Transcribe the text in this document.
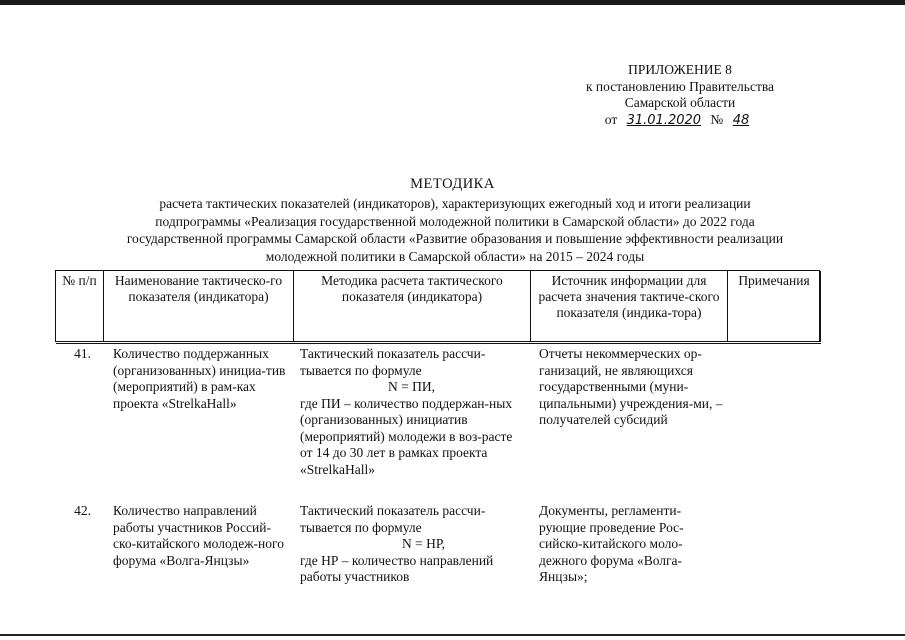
ПРИЛОЖЕНИЕ 8
к постановлению Правительства
Самарской области
от 31.01.2020 № 48
МЕТОДИКА
расчета тактических показателей (индикаторов), характеризующих ежегодный ход и итоги реализации
подпрограммы «Реализация государственной молодежной политики в Самарской области» до 2022 года
государственной программы Самарской области «Развитие образования и повышение эффективности реализации
молодежной политики в Самарской области» на 2015 – 2024 годы
№ п/п	Наименование тактическо-го показателя (индикатора)
Методика расчета тактического показателя (индикатора)
Источник информации для расчета значения тактиче-ского показателя (индика-тора)
Примечания
41. Количество поддержанных (организованных) инициа-тив (мероприятий) в рам-ках проекта «StrelkaHall»
Тактический показатель рассчи-тывается по формуле
N = ПИ,
где ПИ – количество поддержан-ных (организованных) инициатив (мероприятий) молодежи в воз-расте от 14 до 30 лет в рамках проекта «StrelkaHall»
Отчеты некоммерческих ор-ганизаций, не являющихся государственными (муни-ципальными) учреждения-ми, – получателей субсидий
42. Количество направлений работы участников Россий-ско-китайского молодеж-ного форума «Волга-Янцзы»
Тактический показатель рассчи-тывается по формуле
N = НР,
где НР – количество направлений работы участников
Документы, регламенти-рующие проведение Рос-сийско-китайского моло-дежного форума «Волга-Янцзы»;
